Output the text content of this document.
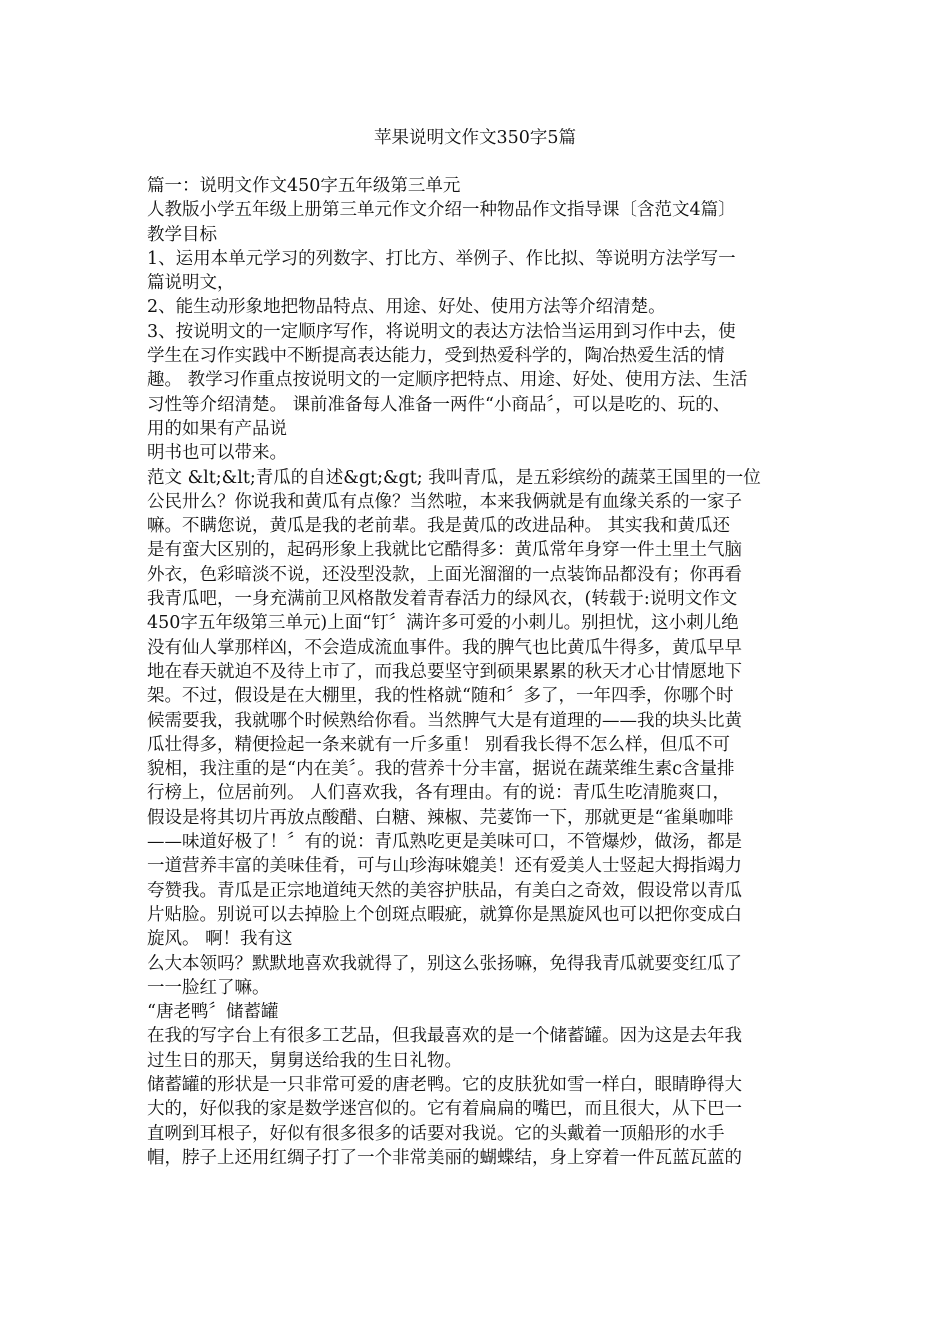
苹果说明文作文350字5篇
篇一：说明文作文450字五年级第三单元
人教版小学五年级上册第三单元作文介绍一种物品作文指导课〔含范文4篇〕
教学目标
1、运用本单元学习的列数字、打比方、举例子、作比拟、等说明方法学写一
篇说明文，
2、能生动形象地把物品特点、用途、好处、使用方法等介绍清楚。
3、按说明文的一定顺序写作，将说明文的表达方法恰当运用到习作中去，使
学生在习作实践中不断提高表达能力，受到热爱科学的，陶冶热爱生活的情
趣。 教学习作重点按说明文的一定顺序把特点、用途、好处、使用方法、生活
习性等介绍清楚。 课前准备每人准备一两件“小商品〞，可以是吃的、玩的、
用的如果有产品说
明书也可以带来。
范文 &lt;&lt;青瓜的自述&gt;&gt; 我叫青瓜，是五彩缤纷的蔬菜王国里的一位
公民卅么？你说我和黄瓜有点像？当然啦，本来我俩就是有血缘关系的一家子
嘛。不瞒您说，黄瓜是我的老前辈。我是黄瓜的改进品种。 其实我和黄瓜还
是有蛮大区别的，起码形象上我就比它酷得多：黄瓜常年身穿一件土里土气脑
外衣，色彩暗淡不说，还没型没款，上面光溜溜的一点装饰品都没有；你再看
我青瓜吧，一身充满前卫风格散发着青春活力的绿风衣，(转载于:说明文作文
450字五年级第三单元)上面“钉〞满许多可爱的小刺儿。别担忧，这小刺儿绝
没有仙人掌那样凶，不会造成流血事件。我的脾气也比黄瓜牛得多，黄瓜早早
地在春天就迫不及待上市了，而我总要坚守到硕果累累的秋天才心甘情愿地下
架。不过，假设是在大棚里，我的性格就“随和〞多了，一年四季，你哪个时
候需要我，我就哪个时候熟给你看。当然脾气大是有道理的——我的块头比黄
瓜壮得多，精便捡起一条来就有一斤多重！ 别看我长得不怎么样，但瓜不可
貌相，我注重的是“内在美〞。我的营养十分丰富，据说在蔬菜维生素c含量排
行榜上，位居前列。 人们喜欢我，各有理由。有的说：青瓜生吃清脆爽口，
假设是将其切片再放点酸醋、白糖、辣椒、芫荽饰一下，那就更是“雀巢咖啡
——味道好极了！〞有的说：青瓜熟吃更是美味可口，不管爆炒，做汤，都是
一道营养丰富的美味佳肴，可与山珍海味媲美！还有爱美人士竖起大拇指竭力
夸赞我。青瓜是正宗地道纯天然的美容护肤品，有美白之奇效，假设常以青瓜
片贴脸。别说可以去掉脸上个创斑点暇疵，就算你是黑旋风也可以把你变成白
旋风。 啊！我有这
么大本领吗？默默地喜欢我就得了，别这么张扬嘛，免得我青瓜就要变红瓜了
一一脸红了嘛。
“唐老鸭〞储蓄罐
在我的写字台上有很多工艺品，但我最喜欢的是一个储蓄罐。因为这是去年我
过生日的那天，舅舅送给我的生日礼物。
储蓄罐的形状是一只非常可爱的唐老鸭。它的皮肤犹如雪一样白，眼睛睁得大
大的，好似我的家是数学迷宫似的。它有着扁扁的嘴巴，而且很大，从下巴一
直咧到耳根子，好似有很多很多的话要对我说。它的头戴着一顶船形的水手
帽，脖子上还用红绸子打了一个非常美丽的蝴蝶结，身上穿着一件瓦蓝瓦蓝的
